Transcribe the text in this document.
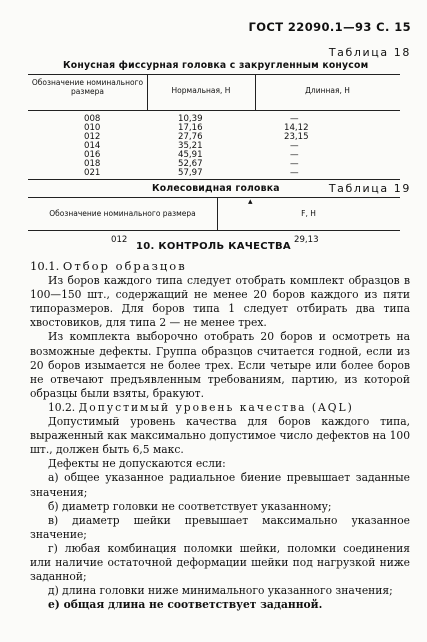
ГОСТ 22090.1—93 С. 15
Таблица 18
Конусная фиссурная головка с закругленным конусом
Обозначение номинального
размера	Нормальная, Н	Длинная, Н
008	10,39	—
010	17,16	14,12
012	27,76	23,15
014	35,21	—
016	45,91	—
018	52,67	—
021	57,97	—
Колесовидная головка	Таблица 19
Обозначение номинального размера	F, Н
▴
012	29,13
10. КОНТРОЛЬ КАЧЕСТВА

10.1. Отбор образцов

Из боров каждого типа следует отобрать комплект образцов в 100—150 шт., содержащий не менее 20 боров каждого из пяти типоразмеров. Для боров типа 1 следует отбирать два типа хвостовиков, для типа 2 — не менее трех.

Из комплекта выборочно отобрать 20 боров и осмотреть на возможные дефекты. Группа образцов считается годной, если из 20 боров изымается не более трех. Если четыре или более боров не отвечают предъявленным требованиям, партию, из которой образцы были взяты, бракуют.

10.2. Допустимый уровень качества (AQL)

Допустимый уровень качества для боров каждого типа, выраженный как максимально допустимое число дефектов на 100 шт., должен быть 6,5 макс.

Дефекты не допускаются если:

а) общее указанное радиальное биение превышает заданные значения;

б) диаметр головки не соответствует указанному;

в) диаметр шейки превышает максимально указанное значение;

г) любая комбинация поломки шейки, поломки соединения или наличие остаточной деформации шейки под нагрузкой ниже заданной;

д) длина головки ниже минимального указанного значения;

е) общая длина не соответствует заданной.
